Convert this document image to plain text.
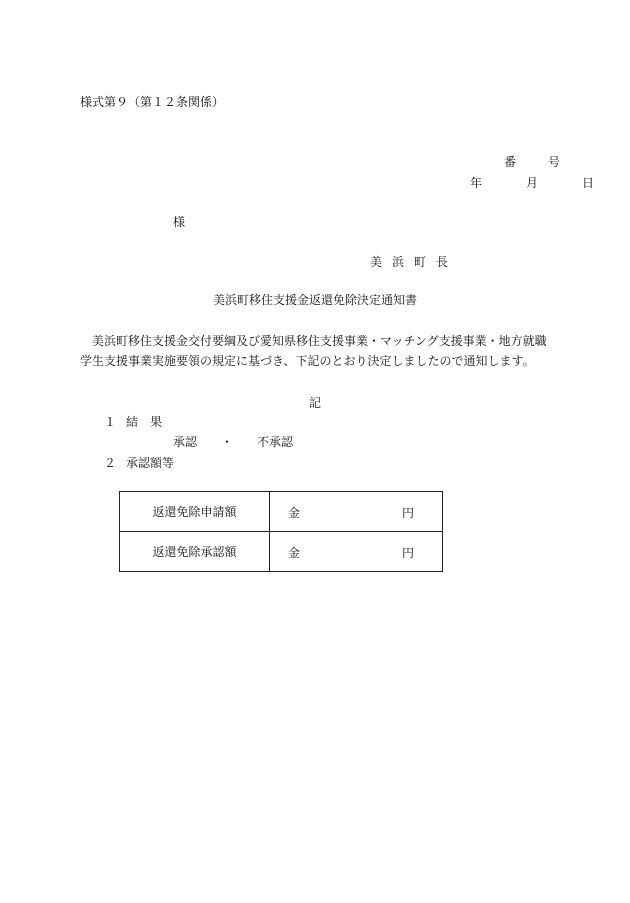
様式第９（第１２条関係）
番　号
年　月　日
様
美浜町長
美浜町移住支援金返還免除決定通知書
美浜町移住支援金交付要綱及び愛知県移住支援事業・マッチング支援事業・地方就職学生支援事業実施要領の規定に基づき、下記のとおり決定しましたので通知します。
記
１ 結　果
承認 ・ 不承認
２ 承認額等
返還免除申請額	金 円

返還免除承認額	金 円
